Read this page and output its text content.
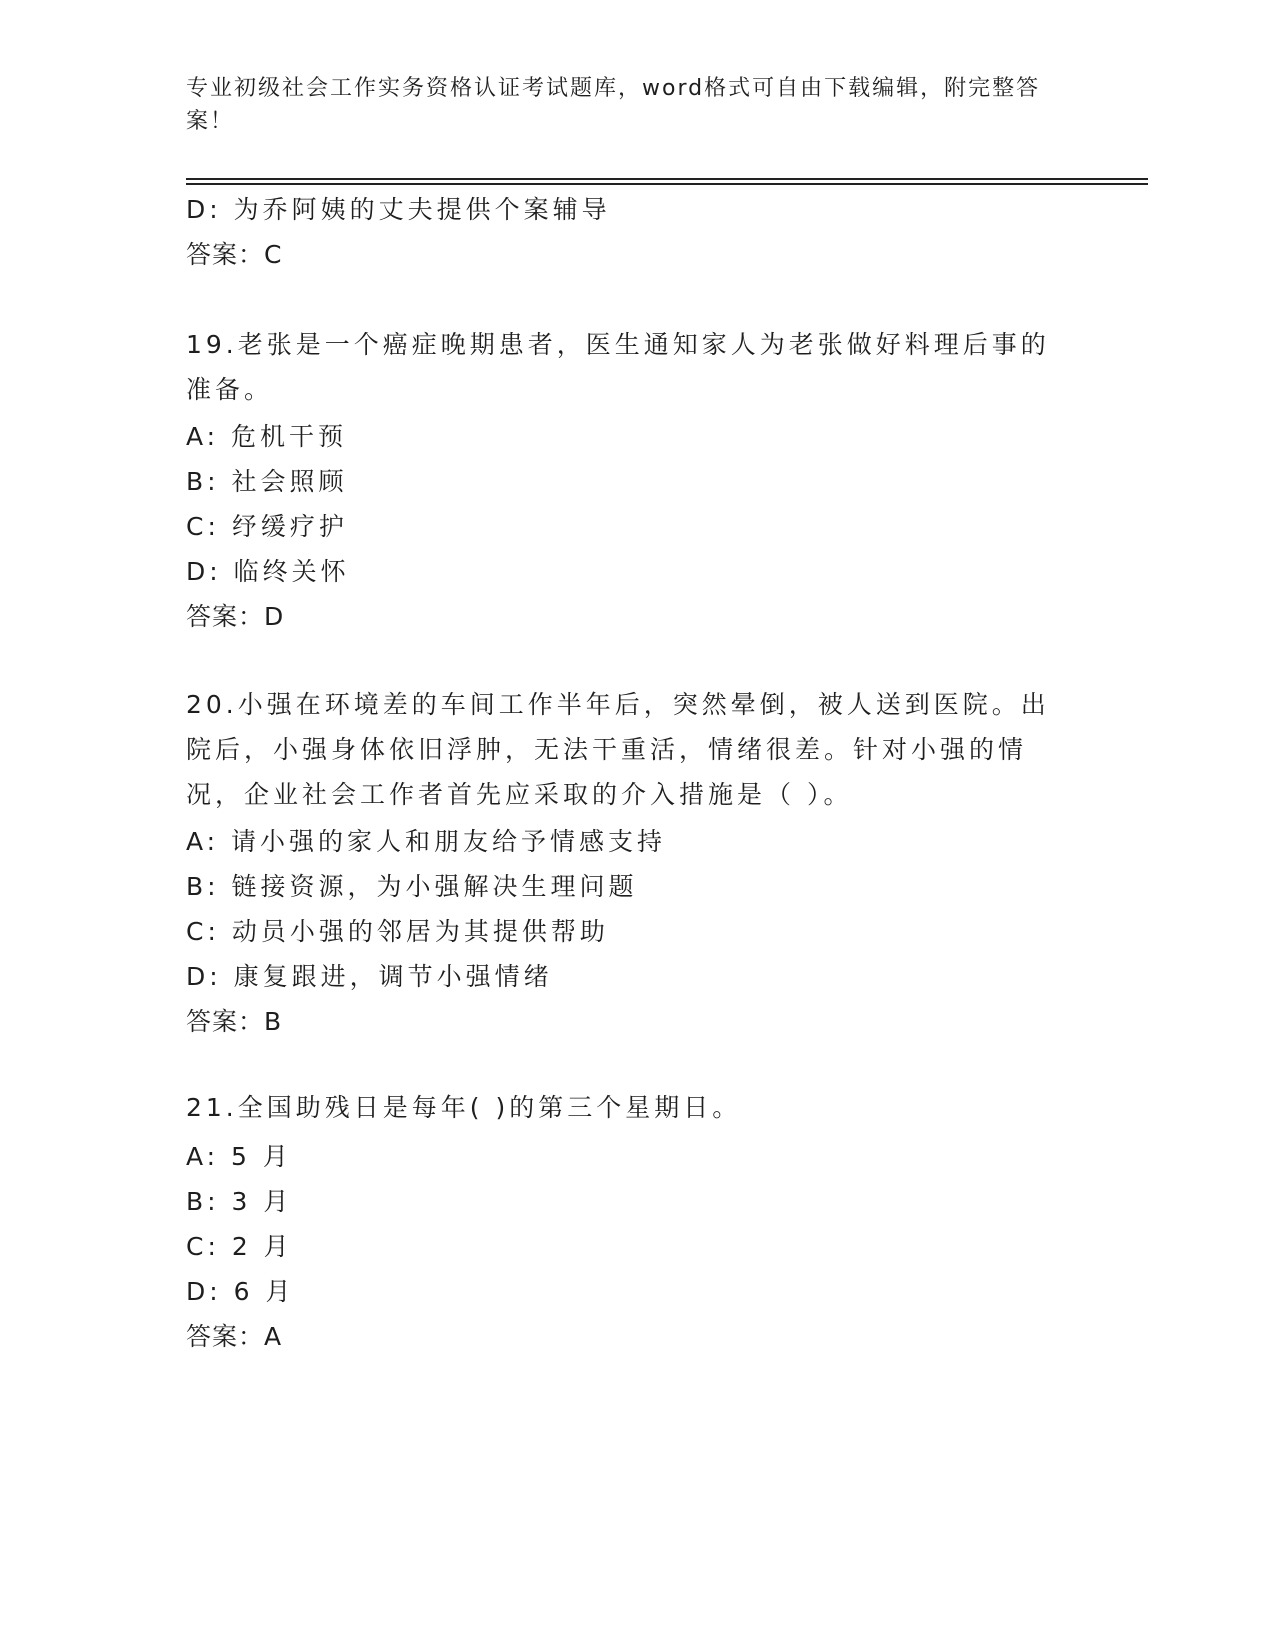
专业初级社会工作实务资格认证考试题库，word格式可自由下载编辑，附完整答案！

D: 为乔阿姨的丈夫提供个案辅导
答案：C
19.老张是一个癌症晚期患者，医生通知家人为老张做好料理后事的准备。
A: 危机干预
B: 社会照顾
C: 纾缓疗护
D: 临终关怀
答案：D
20.小强在环境差的车间工作半年后，突然晕倒，被人送到医院。出院后，小强身体依旧浮肿，无法干重活，情绪很差。针对小强的情况，企业社会工作者首先应采取的介入措施是（ ）。
A: 请小强的家人和朋友给予情感支持
B: 链接资源，为小强解决生理问题
C: 动员小强的邻居为其提供帮助
D: 康复跟进，调节小强情绪
答案：B
21.全国助残日是每年( )的第三个星期日。
A: 5 月
B: 3 月
C: 2 月
D: 6 月
答案：A
